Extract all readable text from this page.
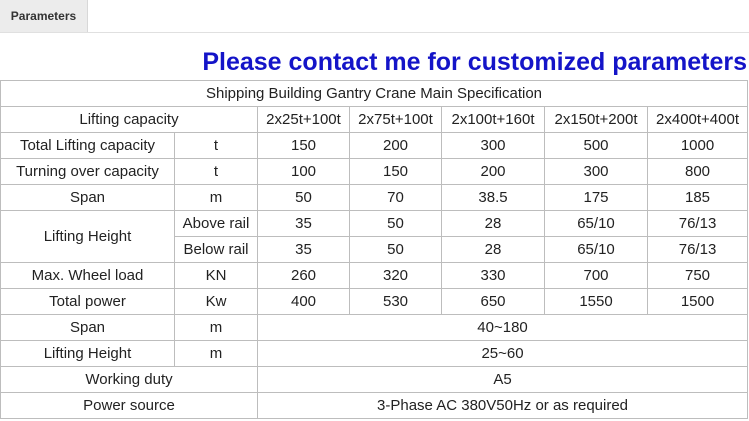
Parameters
Please contact me for customized parameters
Shipping Building Gantry Crane Main Specification						
Lifting capacity		2x25t+100t	2x75t+100t	2x100t+160t	2x150t+200t	2x400t+400t
Total Lifting capacity	t	150	200	300	500	1000
Turning over capacity	t	100	150	200	300	800
Span	m	50	70	38.5	175	185
Lifting Height	Above rail	35	50	28	65/10	76/13
	Below rail	35	50	28	65/10	76/13
Max. Wheel load	KN	260	320	330	700	750
Total power	Kw	400	530	650	1550	1500
Span	m	40~180				
Lifting Height	m	25~60				
Working duty		A5				
Power source		3-Phase AC 380V50Hz or as required				
